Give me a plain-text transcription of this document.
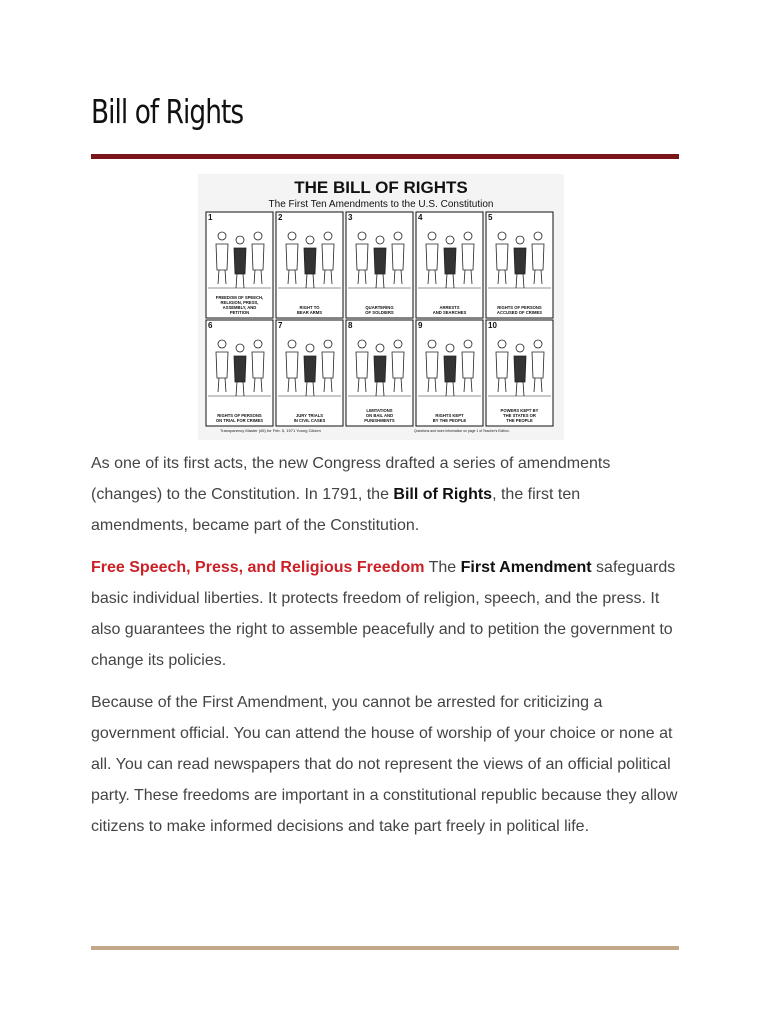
Bill of Rights
THE BILL OF RIGHTS
The First Ten Amendments to the U.S. Constitution
1
FREEDOM OF SPEECH,
RELIGION, PRESS,
ASSEMBLY, AND
PETITION
2
RIGHT TO
BEAR ARMS
3
QUARTERING
OF SOLDIERS
4
ARRESTS
AND SEARCHES
5
RIGHTS OF PERSONS
ACCUSED OF CRIMES
6
RIGHTS OF PERSONS
ON TRIAL FOR CRIMES
7
JURY TRIALS
IN CIVIL CASES
8
LIMITATIONS
ON BAIL AND
PUNISHMENTS
9
RIGHTS KEPT
BY THE PEOPLE
10
POWERS KEPT BY
THE STATES OR
THE PEOPLE
Transparency Master (#5) for Feb. 5, 1971 Young Citizen	Questions and more information on page 1 of Teacher's Edition.

As one of its first acts, the new Congress drafted a series of amendments (changes) to the Constitution. In 1791, the Bill of Rights, the first ten amendments, became part of the Constitution.

Free Speech, Press, and Religious Freedom The First Amendment safeguards basic individual liberties. It protects freedom of religion, speech, and the press. It also guarantees the right to assemble peacefully and to petition the government to change its policies.

Because of the First Amendment, you cannot be arrested for criticizing a government official. You can attend the house of worship of your choice or none at all. You can read newspapers that do not represent the views of an official political party. These freedoms are important in a constitutional republic because they allow citizens to make informed decisions and take part freely in political life.
